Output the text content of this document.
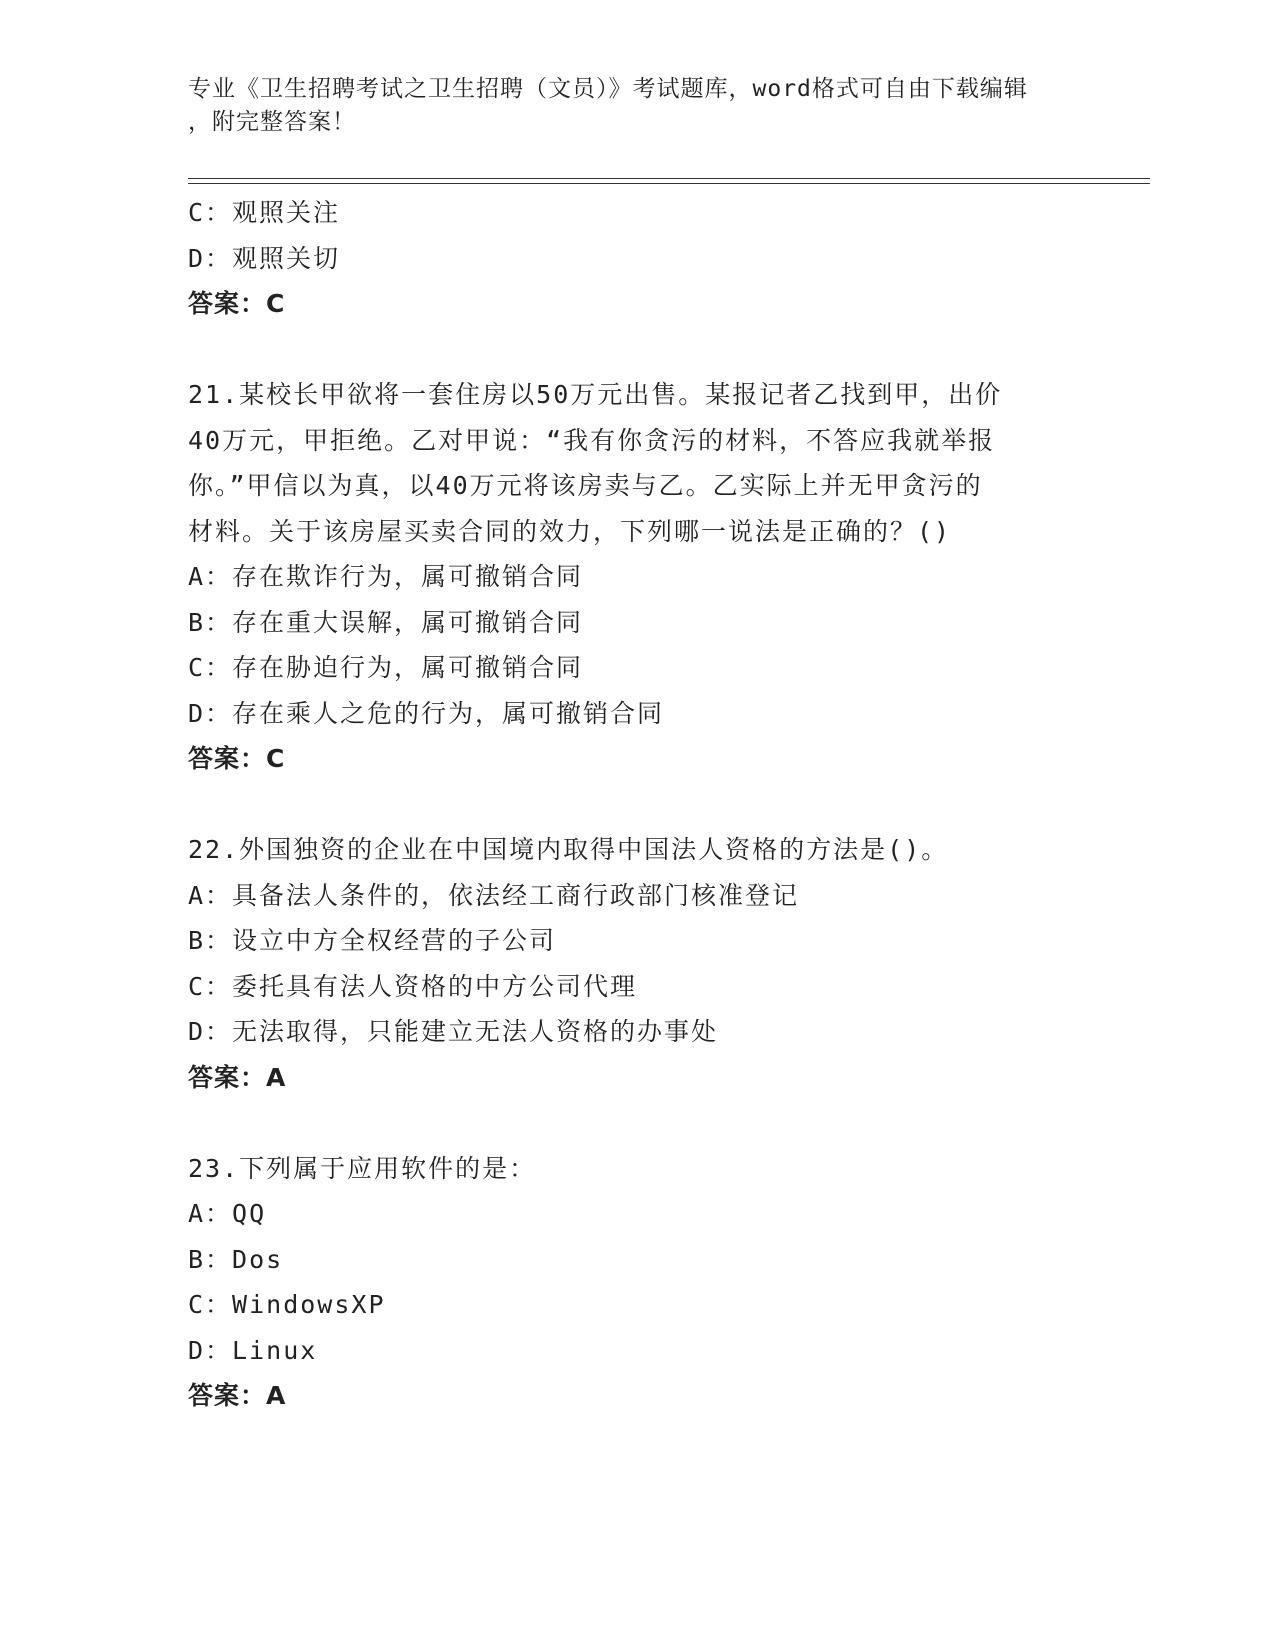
专业《卫生招聘考试之卫生招聘（文员）》考试题库，word格式可自由下载编辑
，附完整答案！
C：观照关注
D：观照关切
答案：C
21.某校长甲欲将一套住房以50万元出售。某报记者乙找到甲，出价
40万元，甲拒绝。乙对甲说：“我有你贪污的材料，不答应我就举报
你。”甲信以为真，以40万元将该房卖与乙。乙实际上并无甲贪污的
材料。关于该房屋买卖合同的效力，下列哪一说法是正确的？()
A：存在欺诈行为，属可撤销合同
B：存在重大误解，属可撤销合同
C：存在胁迫行为，属可撤销合同
D：存在乘人之危的行为，属可撤销合同
答案：C
22.外国独资的企业在中国境内取得中国法人资格的方法是()。
A：具备法人条件的，依法经工商行政部门核准登记
B：设立中方全权经营的子公司
C：委托具有法人资格的中方公司代理
D：无法取得，只能建立无法人资格的办事处
答案：A
23.下列属于应用软件的是：
A：QQ
B：Dos
C：WindowsXP
D：Linux
答案：A
